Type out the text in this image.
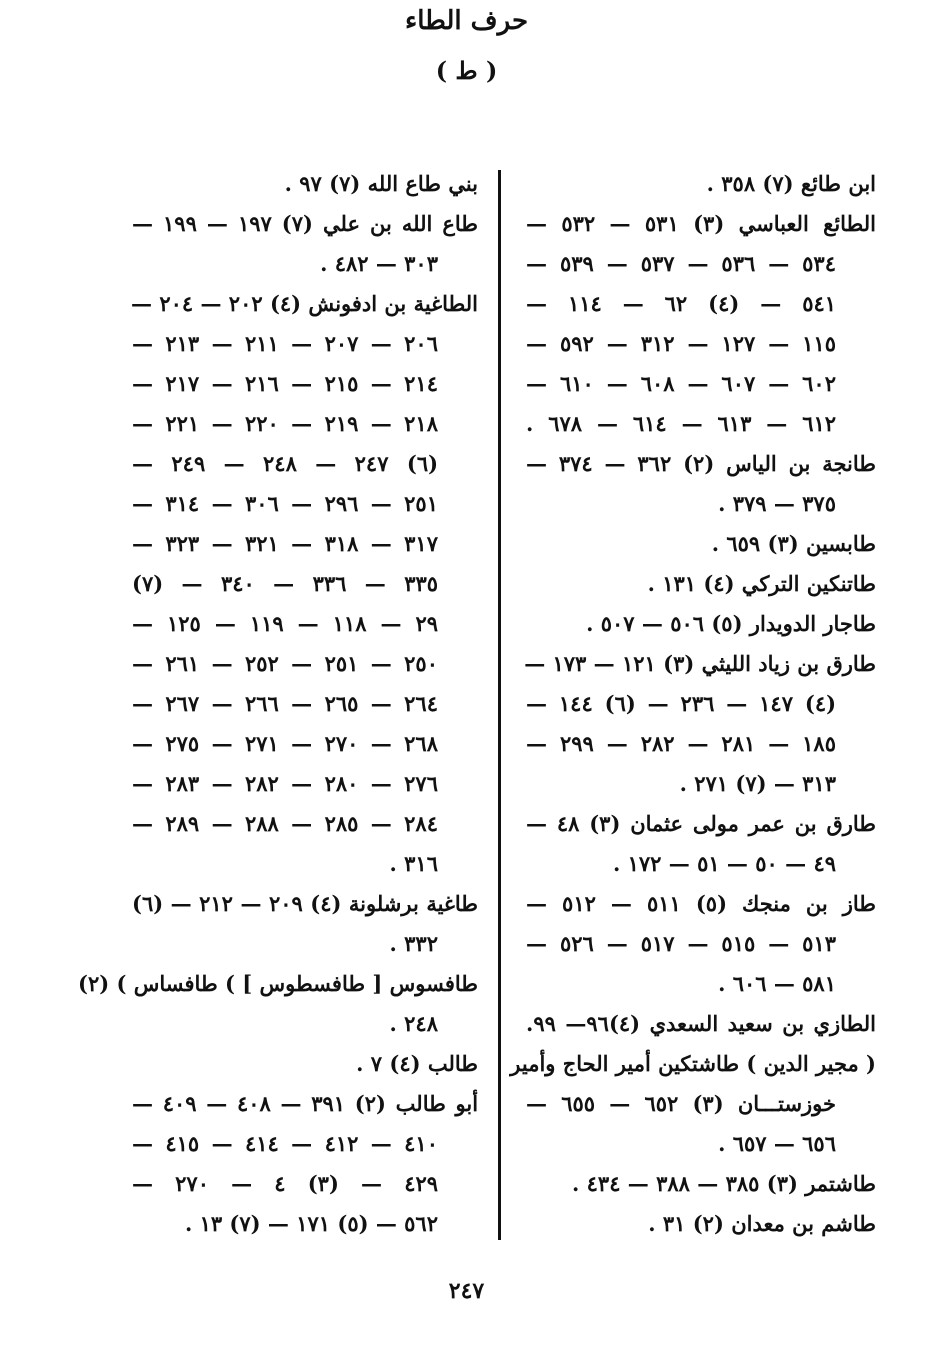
حرف الطاء
( ط )
ابن طائع (٧) ٣٥٨ .
الطائع العباسي (٣) ٥٣١ — ٥٣٢ —
٥٣٤ — ٥٣٦ — ٥٣٧ — ٥٣٩ —
٥٤١ — (٤) ٦٢ — ١١٤ —
١١٥ — ١٢٧ — ٣١٢ — ٥٩٢ —
٦٠٢ — ٦٠٧ — ٦٠٨ — ٦١٠ —
٦١٢ — ٦١٣ — ٦١٤ — ٦٧٨ .
طانجة بن الياس (٢) ٣٦٢ — ٣٧٤ —
٣٧٥ — ٣٧٩ .
طابسين (٣) ٦٥٩ .
طاتنكين التركي (٤) ١٣١ .
طاجار الدويدار (٥) ٥٠٦ — ٥٠٧ .
طارق بن زياد الليثي (٣) ١٢١ — ١٧٣ —
(٤) ١٤٧ — ٢٣٦ — (٦) ١٤٤ —
١٨٥ — ٢٨١ — ٢٨٢ — ٢٩٩ —
٣١٣ — (٧) ٢٧١ .
طارق بن عمر مولى عثمان (٣) ٤٨ —
٤٩ — ٥٠ — ٥١ — ١٧٢ .
طاز بن منجك (٥) ٥١١ — ٥١٢ —
٥١٣ — ٥١٥ — ٥١٧ — ٥٢٦ —
٥٨١ — ٦٠٦ .
الطازي بن سعيد السعدي (٤)٩٦— ٩٩.
( مجير الدين ) طاشتكين أمير الحاج وأمير
خوزستـــان (٣) ٦٥٢ — ٦٥٥ —
٦٥٦ — ٦٥٧ .
طاشتمر (٣) ٣٨٥ — ٣٨٨ — ٤٣٤ .
طاشم بن معدان (٢) ٣١ .
بني طاع الله (٧) ٩٧ .
طاع الله بن علي (٧) ١٩٧ — ١٩٩ —
٣٠٣ — ٤٨٢ .
الطاغية بن ادفونش (٤) ٢٠٢ — ٢٠٤ —
٢٠٦ — ٢٠٧ — ٢١١ — ٢١٣ —
٢١٤ — ٢١٥ — ٢١٦ — ٢١٧ —
٢١٨ — ٢١٩ — ٢٢٠ — ٢٢١ —
(٦) ٢٤٧ — ٢٤٨ — ٢٤٩ —
٢٥١ — ٢٩٦ — ٣٠٦ — ٣١٤ —
٣١٧ — ٣١٨ — ٣٢١ — ٣٢٣ —
٣٣٥ — ٣٣٦ — ٣٤٠ — (٧)
٢٩ — ١١٨ — ١١٩ — ١٢٥ —
٢٥٠ — ٢٥١ — ٢٥٢ — ٢٦١ —
٢٦٤ — ٢٦٥ — ٢٦٦ — ٢٦٧ —
٢٦٨ — ٢٧٠ — ٢٧١ — ٢٧٥ —
٢٧٦ — ٢٨٠ — ٢٨٢ — ٢٨٣ —
٢٨٤ — ٢٨٥ — ٢٨٨ — ٢٨٩ —
٣١٦ .
طاغية برشلونة (٤) ٢٠٩ — ٢١٢ — (٦)
٣٣٢ .
طافسوس [ طافسطوس ] ) طافساس ) (٢)
٢٤٨ .
طالب (٤) ٧ .
أبو طالب (٢) ٣٩١ — ٤٠٨ — ٤٠٩ —
٤١٠ — ٤١٢ — ٤١٤ — ٤١٥ —
٤٢٩ — (٣) ٤ — ٢٧٠ —
٥٦٢ — (٥) ١٧١ — (٧) ١٣ .
٢٤٧
